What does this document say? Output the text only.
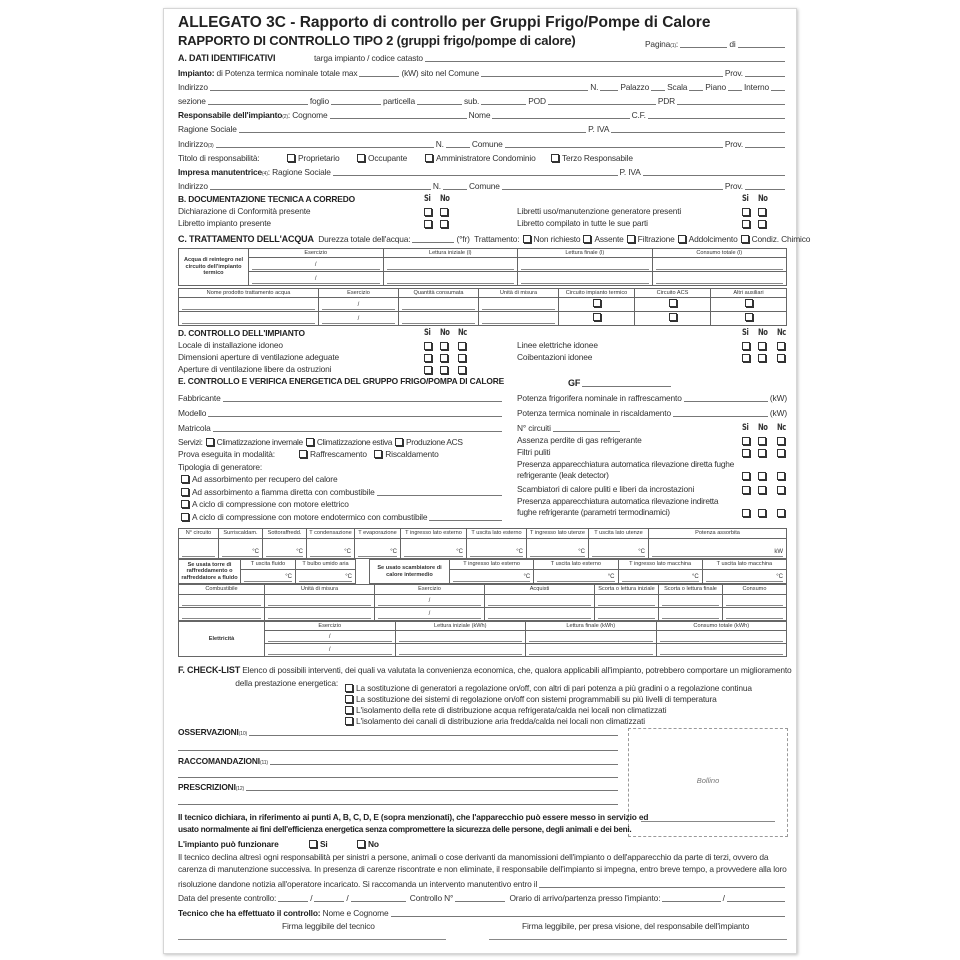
ALLEGATO 3C - Rapporto di controllo per Gruppi Frigo/Pompe di Calore
RAPPORTO DI CONTROLLO TIPO 2 (gruppi frigo/pompe di calore)	Pagina$_{(1)}$ :	di
A. DATI IDENTIFICATIVI	targa impianto / codice catasto
Impianto:
di Potenza termica nominale totale max	(kW)
sito nel Comune	Prov.
Indirizzo	N.	Palazzo Scala Piano Interno
sezione	foglio	particella	sub.	POD	PDR
Responsabile dell'impianto$_{(2)}$ : Cognome	Nome	C.F.
Ragione Sociale	P. IVA
Indirizzo$_{(3)}$	N.	Comune	Prov.
Titolo di responsabilità:	Proprietario	Occupante	Amministratore Condominio	Terzo Responsabile
Impresa manutentrice$_{(4)}$ : Ragione Sociale	P. IVA
Indirizzo	N.	Comune	Prov.
B. DOCUMENTAZIONE TECNICA A CORREDO	Si No	Si No
Dichiarazione di Conformità presente	Libretti uso/manutenzione generatore presenti
Libretto impianto presente	Libretto compilato in tutte le sue parti
C. TRATTAMENTO DELL'ACQUA
Durezza totale dell'acqua:	(°fr)
Trattamento: Non richiesto Assente Filtrazione Addolcimento Condiz. Chimico
Acqua di reintegro nel circuito dell'impianto termico	Esercizio	Lettura iniziale (l)	Lettura finale (l)	Consumo totale (l)

	/			

	/			

Nome prodotto trattamento acqua	Esercizio	Quantità consumata	Unità di misura	Circuito impianto termico	Circuito ACS	Altri ausiliari

	/					

	/					

D. CONTROLLO DELL'IMPIANTO	Si No Nc	Si No Nc
Locale di installazione idoneo	Linee elettriche idonee
Dimensioni aperture di ventilazione adeguate	Coibentazioni idonee
Aperture di ventilazione libere da ostruzioni
E. CONTROLLO E VERIFICA ENERGETICA DEL GRUPPO FRIGO/POMPA DI CALORE	GF
Fabbricante
Modello
Matricola
Potenza frigorifera nominale in raffrescamento	(kW)
Potenza termica nominale in riscaldamento	(kW)
N° circuiti	Si No Nc
Servizi: Climatizzazione invernale Climatizzazione estiva Produzione ACS
Prova eseguita in modalità:	Raffrescamento
Riscaldamento
Tipologia di generatore:
Ad assorbimento per recupero del calore
Ad assorbimento a fiamma diretta con combustibile
A ciclo di compressione con motore elettrico
A ciclo di compressione con motore endotermico con combustibile
Assenza perdite di gas refrigerante
Filtri puliti
Presenza apparecchiatura automatica rilevazione diretta fughe refrigerante (leak detector)
Scambiatori di calore puliti e liberi da incrostazioni
Presenza apparecchiatura automatica rilevazione indiretta fughe refrigerante (parametri termodinamici)
N° circuito	Surriscaldam.	Sottoraffredd.	T condensazione	T evaporazione	T ingresso lato esterno	T uscita lato esterno	T ingresso lato utenze	T uscita lato utenze	Potenza assorbita

	°C	°C	°C	°C	°C	°C	°C	°C	kW
Se usata torre di raffreddamento o raffreddatore a fluido	T uscita fluido	T bulbo umido aria		Se usato scambiatore di calore intermedio	T ingresso lato esterno	T uscita lato esterno	T ingresso lato macchina	T uscita lato macchina

	°C	°C			°C	°C	°C	°C
Combustibile	Unità di misura	Esercizio	Acquisti	Scorta o lettura iniziale	Scorta o lettura finale	Consumo

		/				

		/				

Elettricità	Esercizio	Lettura iniziale (kWh)	Lettura finale (kWh)	Consumo totale (kWh)

	/			

	/			

F. CHECK-LIST
Elenco di possibili interventi, dei quali va valutata la convenienza economica, che, qualora applicabili all'impianto, potrebbero comportare un miglioramento
della prestazione energetica: La sostituzione di generatori a regolazione on/off, con altri di pari potenza a più gradini o a regolazione continua
La sostituzione dei sistemi di regolazione on/off con sistemi programmabili su più livelli di temperatura
L'isolamento della rete di distribuzione acqua refrigerata/calda nei locali non climatizzati
L'isolamento dei canali di distribuzione aria fredda/calda nei locali non climatizzati
$OSSERVAZIONI_{(10)}$
$RACCOMANDAZIONI_{(11)}$
$PRESCRIZIONI_{(12)}$
Bollino
Il tecnico dichiara, in riferimento ai punti A, B, C, D, E (sopra menzionati), che l'apparecchio può essere messo in servizio ed
usato normalmente ai fini dell'efficienza energetica senza compromettere la sicurezza delle persone, degli animali e dei beni.
L'impianto può funzionare	Si	No
Il tecnico declina altresì ogni responsabilità per sinistri a persone, animali o cose derivanti da manomissioni dell'impianto o dell'apparecchio da parte di terzi, ovvero da
carenza di manutenzione successiva. In presenza di carenze riscontrate e non eliminate, il responsabile dell'impianto si impegna, entro breve tempo, a provvedere alla loro
risoluzione dandone notizia all'operatore incaricato. Si raccomanda un intervento manutentivo entro il
Data del presente controllo:	/	/
	Controllo N°
	Orario di arrivo/partenza presso l'impianto:	/
Tecnico che ha effettuato il controllo:
Nome e Cognome
Firma leggibile del tecnico	Firma leggibile, per presa visione, del responsabile dell'impianto
